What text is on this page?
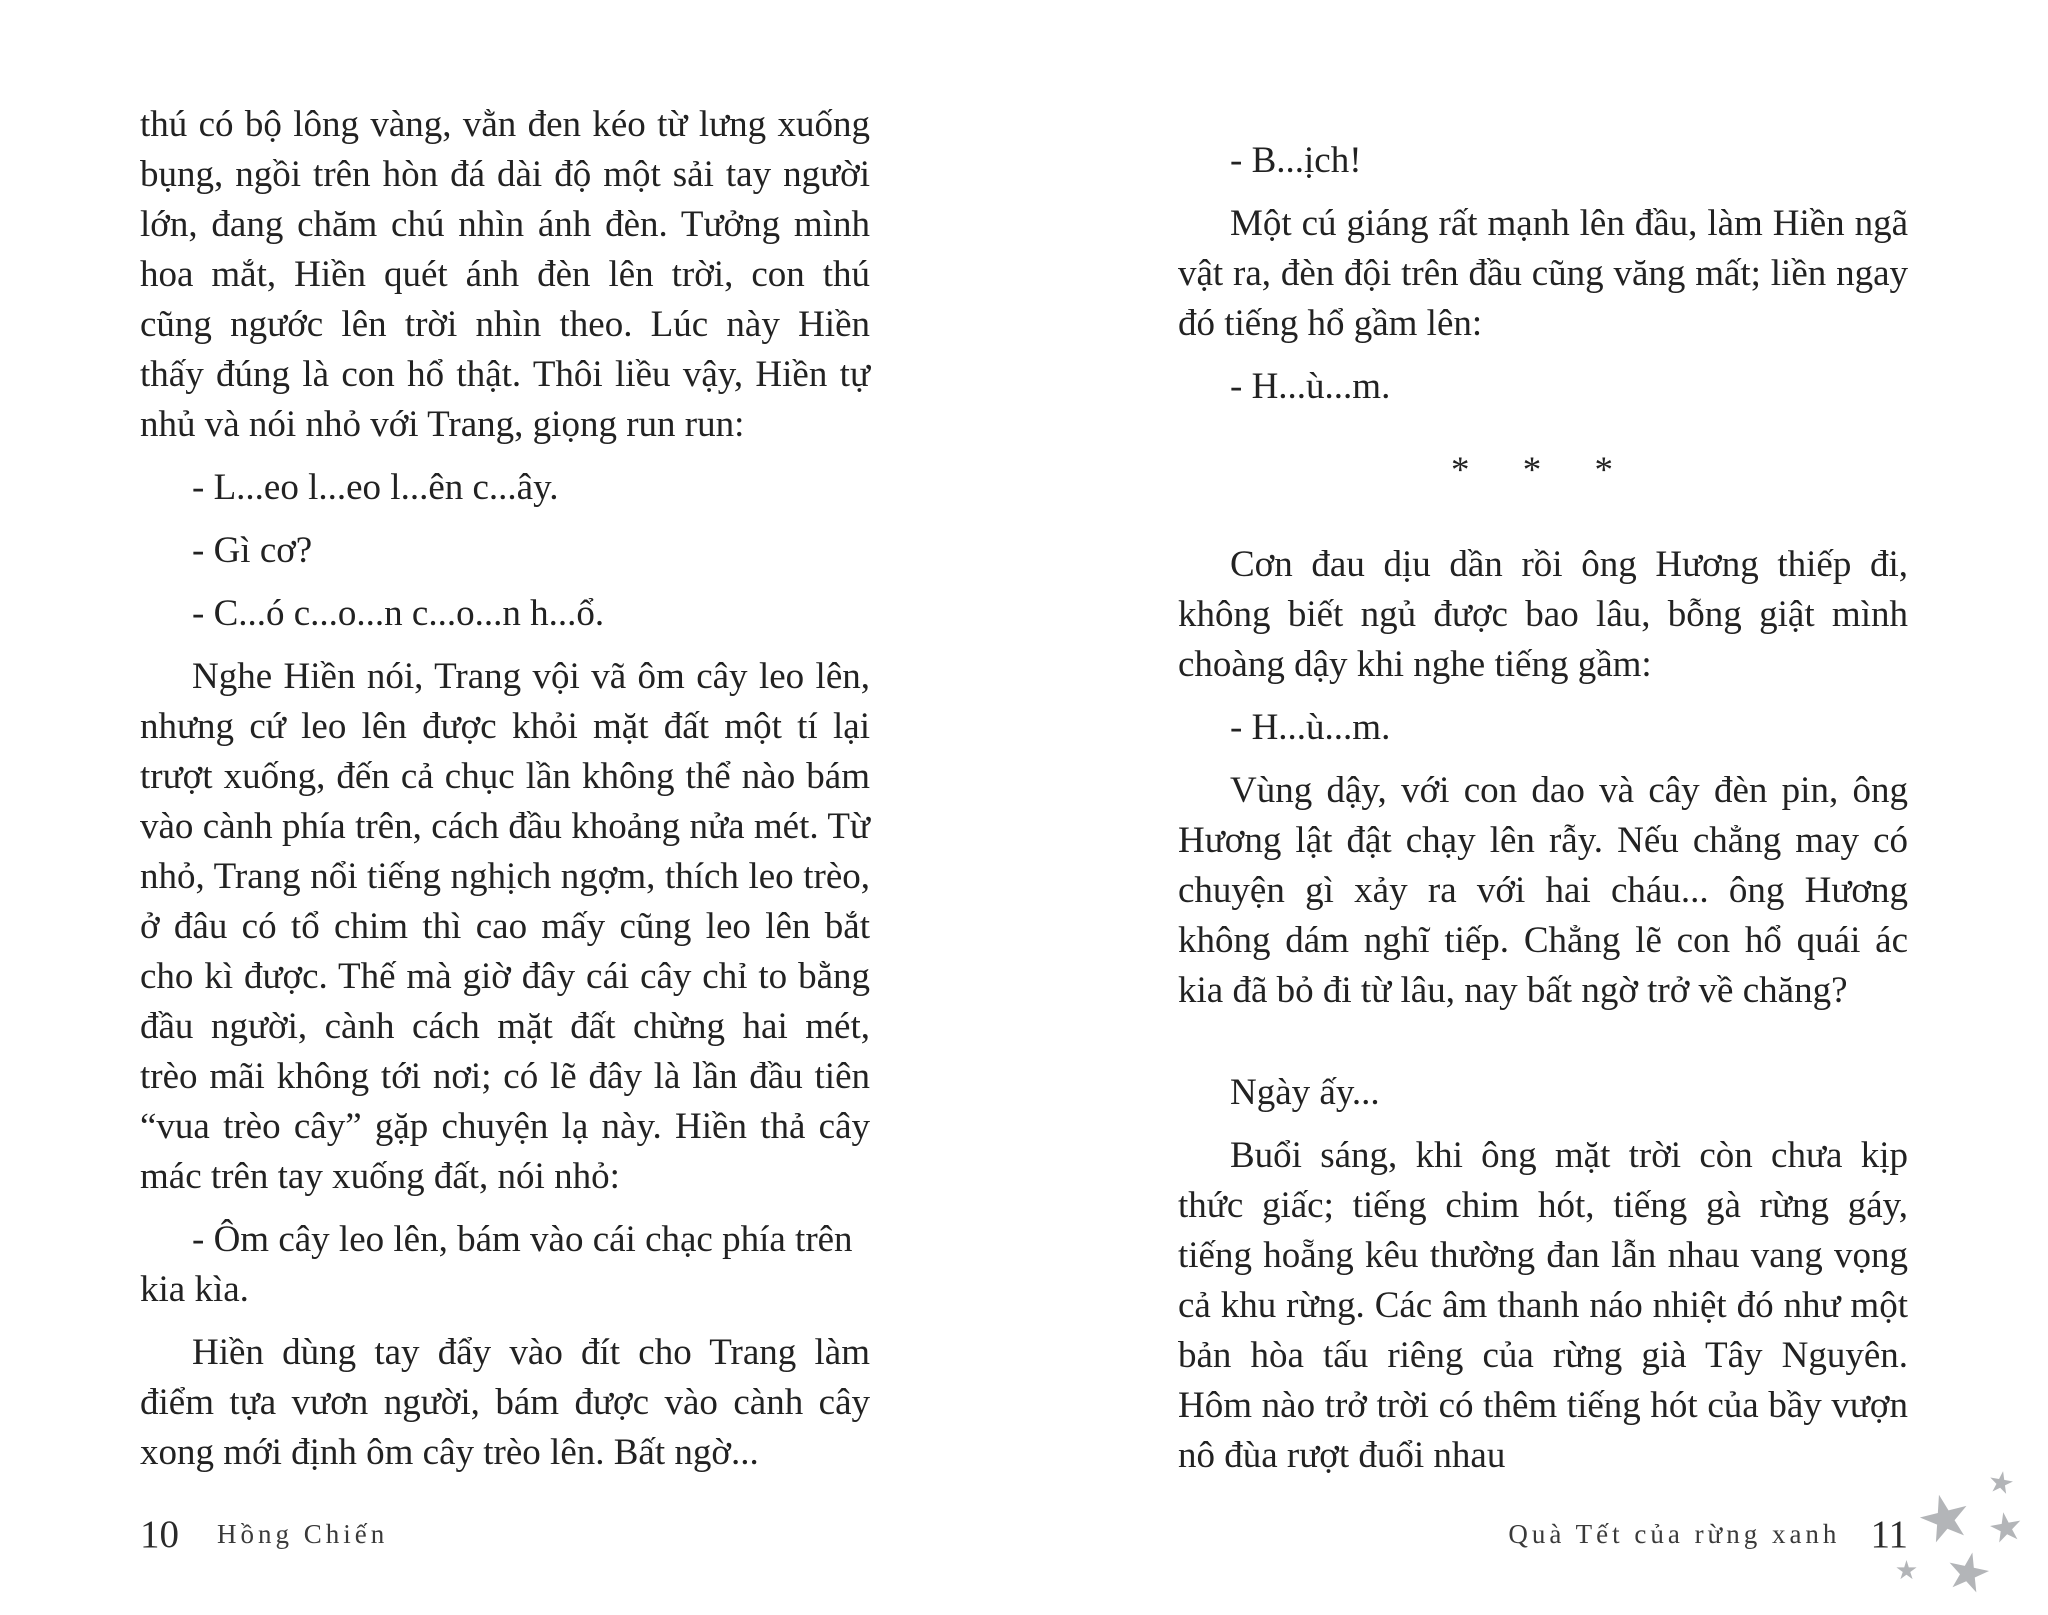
thú có bộ lông vàng, vằn đen kéo từ lưng xuống bụng, ngồi trên hòn đá dài độ một sải tay người lớn, đang chăm chú nhìn ánh đèn. Tưởng mình hoa mắt, Hiền quét ánh đèn lên trời, con thú cũng ngước lên trời nhìn theo. Lúc này Hiền thấy đúng là con hổ thật. Thôi liều vậy, Hiền tự nhủ và nói nhỏ với Trang, giọng run run:

- L...eo l...eo l...ên c...ây.

- Gì cơ?

- C...ó c...o...n c...o...n h...ổ.

Nghe Hiền nói, Trang vội vã ôm cây leo lên, nhưng cứ leo lên được khỏi mặt đất một tí lại trượt xuống, đến cả chục lần không thể nào bám vào cành phía trên, cách đầu khoảng nửa mét. Từ nhỏ, Trang nổi tiếng nghịch ngợm, thích leo trèo, ở đâu có tổ chim thì cao mấy cũng leo lên bắt cho kì được. Thế mà giờ đây cái cây chỉ to bằng đầu người, cành cách mặt đất chừng hai mét, trèo mãi không tới nơi; có lẽ đây là lần đầu tiên “vua trèo cây” gặp chuyện lạ này. Hiền thả cây mác trên tay xuống đất, nói nhỏ:

- Ôm cây leo lên, bám vào cái chạc phía trên kia kìa.

Hiền dùng tay đẩy vào đít cho Trang làm điểm tựa vươn người, bám được vào cành cây xong mới định ôm cây trèo lên. Bất ngờ...

- B...ịch!

Một cú giáng rất mạnh lên đầu, làm Hiền ngã vật ra, đèn đội trên đầu cũng văng mất; liền ngay đó tiếng hổ gầm lên:

- H...ù...m.

* * *

Cơn đau dịu dần rồi ông Hương thiếp đi, không biết ngủ được bao lâu, bỗng giật mình choàng dậy khi nghe tiếng gầm:

- H...ù...m.

Vùng dậy, với con dao và cây đèn pin, ông Hương lật đật chạy lên rẫy. Nếu chẳng may có chuyện gì xảy ra với hai cháu... ông Hương không dám nghĩ tiếp. Chẳng lẽ con hổ quái ác kia đã bỏ đi từ lâu, nay bất ngờ trở về chăng?

Ngày ấy...

Buổi sáng, khi ông mặt trời còn chưa kịp thức giấc; tiếng chim hót, tiếng gà rừng gáy, tiếng hoẵng kêu thường đan lẫn nhau vang vọng cả khu rừng. Các âm thanh náo nhiệt đó như một bản hòa tấu riêng của rừng già Tây Nguyên. Hôm nào trở trời có thêm tiếng hót của bầy vượn nô đùa rượt đuổi nhau

10 Hồng Chiến	Quà Tết của rừng xanh 11
